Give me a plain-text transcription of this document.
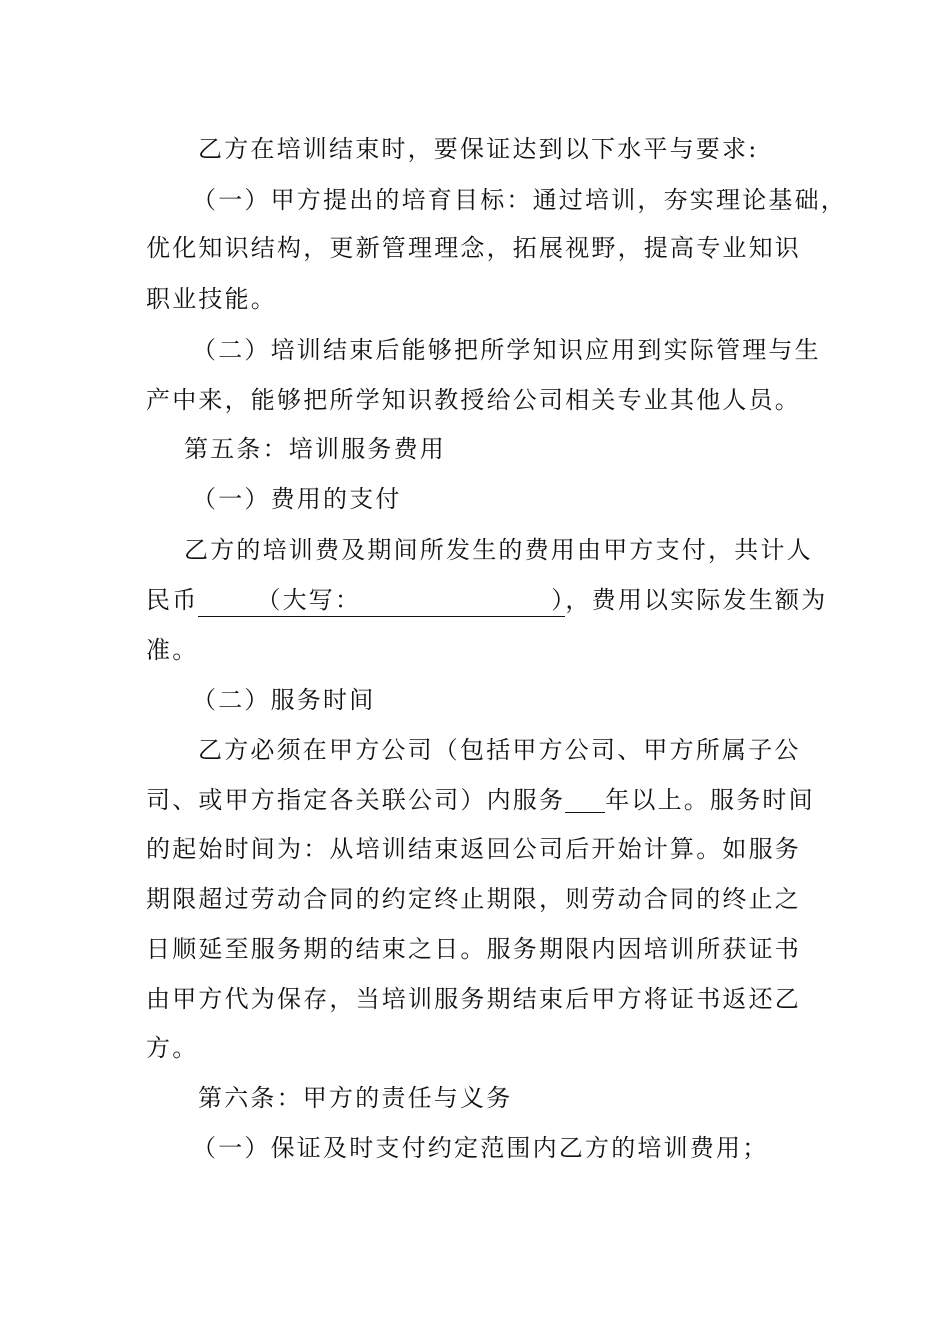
乙方在培训结束时，要保证达到以下水平与要求:
（一）甲方提出的培育目标：通过培训，夯实理论基础，
优化知识结构，更新管理理念，拓展视野，提高专业知识
职业技能。
（二）培训结束后能够把所学知识应用到实际管理与生
产中来，能够把所学知识教授给公司相关专业其他人员。
第五条：培训服务费用
（一）费用的支付
乙方的培训费及期间所发生的费用由甲方支付，共计人
民币 （大写：	），费用以实际发生额为
准。
（二）服务时间
乙方必须在甲方公司（包括甲方公司、甲方所属子公
司、或甲方指定各关联公司）内服务 年以上。服务时间
的起始时间为：从培训结束返回公司后开始计算。如服务
期限超过劳动合同的约定终止期限，则劳动合同的终止之
日顺延至服务期的结束之日。服务期限内因培训所获证书
由甲方代为保存，当培训服务期结束后甲方将证书返还乙
方。
第六条：甲方的责任与义务
（一）保证及时支付约定范围内乙方的培训费用；
